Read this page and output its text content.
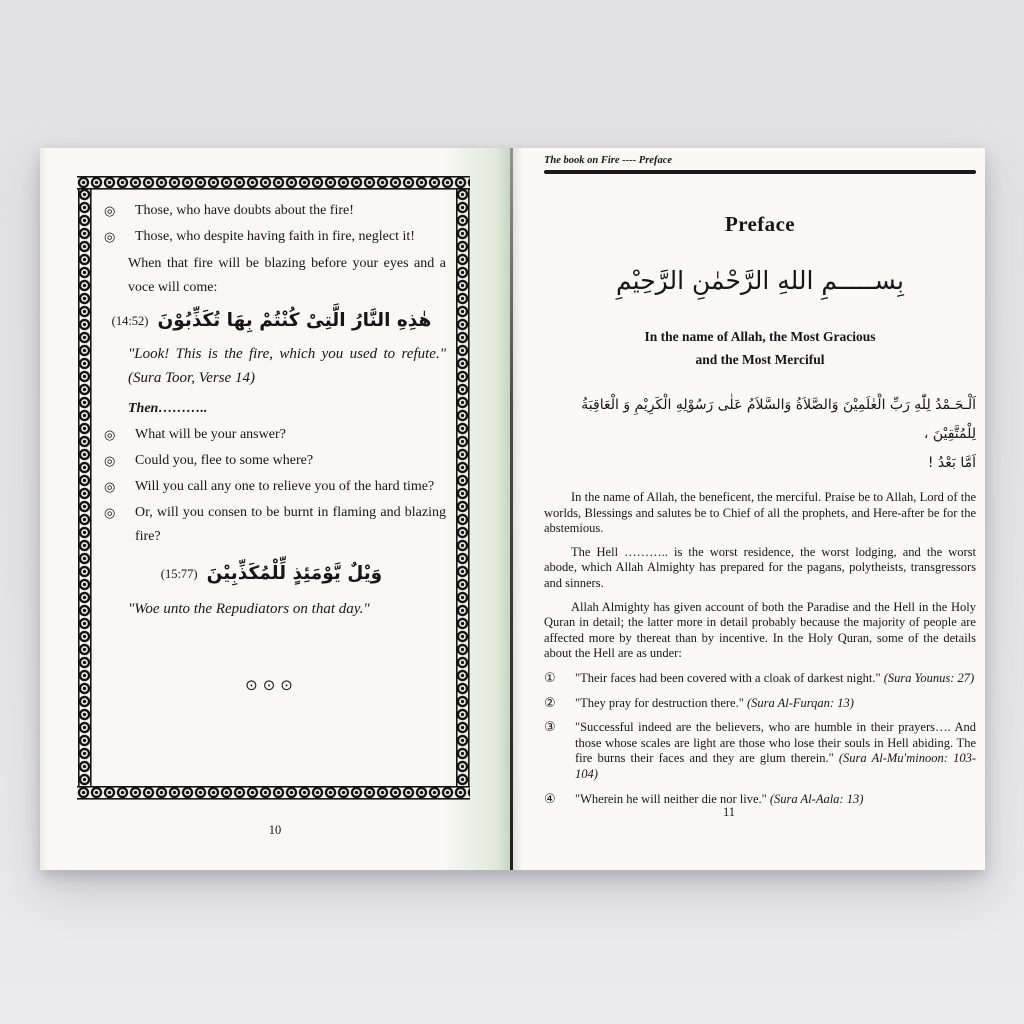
◎	Those, who have doubts about the fire!
◎	Those, who despite having faith in fire, neglect it!
When that fire will be blazing before your eyes and a voce will come:
(14:52) هٰذِهِ النَّارُ الَّتِىْ كُنْتُمْ بِهَا تُكَذِّبُوْنَ
"Look! This is the fire, which you used to refute." (Sura Toor, Verse 14)
Then………..
◎	What will be your answer?
◎	Could you, flee to some where?
◎	Will you call any one to relieve you of the hard time?
◎	Or, will you consen to be burnt in flaming and blazing fire?
(15:77) وَيْلٌ يَّوْمَئِذٍ لِّلْمُكَذِّبِيْنَ
"Woe unto the Repudiators on that day."
⊙⊙⊙
10
The book on Fire ---- Preface
Preface
بِســـــمِ اللهِ الرَّحْمٰنِ الرَّحِيْمِ
In the name of Allah, the Most Gracious
and the Most Merciful
اَلْـحَـمْدُ لِلّٰهِ رَبِّ الْعٰلَمِيْنَ وَالصَّلاَةُ وَالسَّلاَمُ عَلٰى رَسُوْلِهِ الْكَرِيْمِ وَ الْعَاقِبَةُ لِلْمُتَّقِيْنَ ،
اَمَّا بَعْدُ !
In the name of Allah, the beneficent, the merciful. Praise be to Allah, Lord of the worlds, Blessings and salutes be to Chief of all the prophets, and Here-after be for the abstemious.
The Hell ……….. is the worst residence, the worst lodging, and the worst abode, which Allah Almighty has prepared for the pagans, polytheists, transgressors and sinners.
Allah Almighty has given account of both the Paradise and the Hell in the Holy Quran in detail; the latter more in detail probably because the majority of people are affected more by thereat than by incentive. In the Holy Quran, some of the details about the Hell are as under:
①	"Their faces had been covered with a cloak of darkest night." (Sura Younus: 27)
②	"They pray for destruction there." (Sura Al-Furqan: 13)
③	"Successful indeed are the believers, who are humble in their prayers…. And those whose scales are light are those who lose their souls in Hell abiding. The fire burns their faces and they are glum therein." (Sura Al-Mu'minoon: 103-104)
④	"Wherein he will neither die nor live." (Sura Al-Aala: 13)
11
